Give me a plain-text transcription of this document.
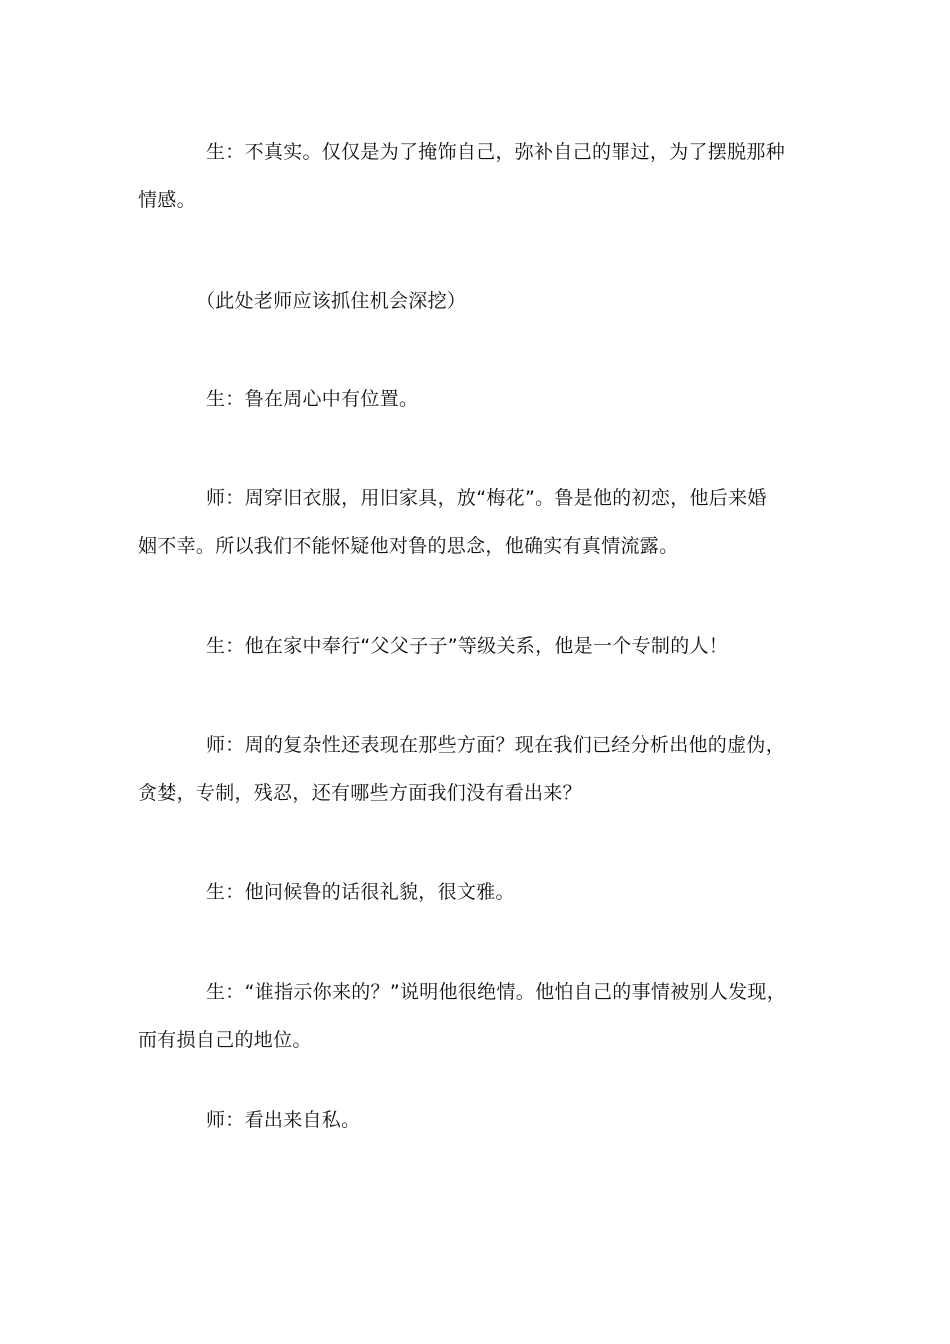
生：不真实。仅仅是为了掩饰自己，弥补自己的罪过，为了摆脱那种
情感。

（此处老师应该抓住机会深挖）

生：鲁在周心中有位置。

师：周穿旧衣服，用旧家具，放“梅花”。鲁是他的初恋，他后来婚
姻不幸。所以我们不能怀疑他对鲁的思念，他确实有真情流露。

生：他在家中奉行“父父子子”等级关系，他是一个专制的人！

师：周的复杂性还表现在那些方面？现在我们已经分析出他的虚伪，
贪婪，专制，残忍，还有哪些方面我们没有看出来？

生：他问候鲁的话很礼貌，很文雅。

生：“谁指示你来的？”说明他很绝情。他怕自己的事情被别人发现，
而有损自己的地位。

师：看出来自私。
